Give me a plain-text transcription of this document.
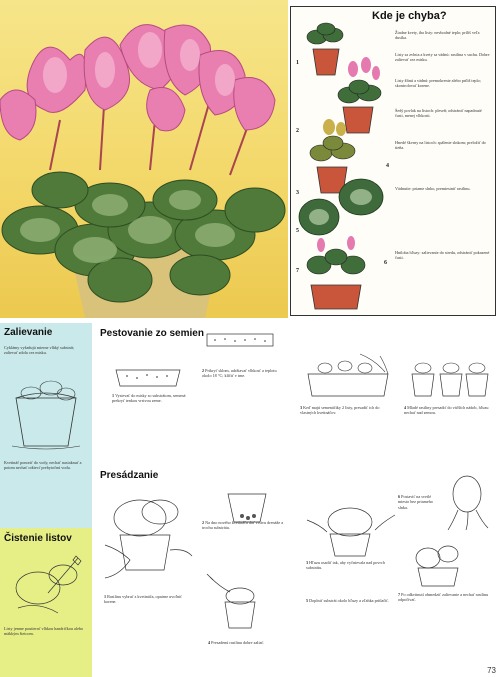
Kde je chyba?
1
2
3
4
5
6
7
Žiadne kvety, iba listy: nevhodné teplo; príliš veľa dusíka.
Listy sa zvlnia a kvety sa vädnú: rastlina v suchu. Dobre zalievať cez misku.
Listy žltnú a vädnú: premokrenie alebo príliš teplo; skontrolovať korene.
Šedý povlak na listoch: pleseň; odstrániť napadnuté časti, menej vlhkosti.
Hnedé škvrny na listoch: spálenie slnkom; preložiť do tieňa.
Vädnutie: priame slnko, premiestniť rastlinu.
Hniloba hľuzy: zalievanie do stredu, odstrániť pokazené časti.
Zalievanie
Cyklámy vyžadujú mierne vlhký substrát; zalievať zdola cez misku.
Kvetináč ponoriť do vody, nechať nasiaknuť a potom nechať odtiecť prebytočnú vodu.
Čistenie listov
Listy jemne poutierať vlhkou handričkou alebo mäkkým štetcom.
Pestovanie zo semien
1 Vysievať do misky so substrátom, semená prekryť tenkou vrstvou zeme.
2 Prikryť sklom, udržiavať vlhkosť a teplotu okolo 18 °C; klíčiť v tme.
3 Keď majú semenáčiky 2 listy, presadiť ich do vlastných kvetináčov.
4 Mladé rastliny presadiť do väčších nádob, hľuzu nechať nad zemou.
Presádzanie
1 Rastlinu vybrať z kvetináča, opatrne uvoľniť korene.
2 Na dno nového kvetináča dať vrstvu drenáže a trochu substrátu.
4 Presadenú rastlinu dobre zaliať.
3 Hľuzu osadiť tak, aby vyčnievala nad povrch substrátu.
5 Doplniť substrát okolo hľuzy a zľahka pritlačiť.
6 Postaviť na svetlé miesto bez priameho slnka.
7 Po odkvitnutí obmedziť zalievanie a nechať rastlinu odpočívať.
73
